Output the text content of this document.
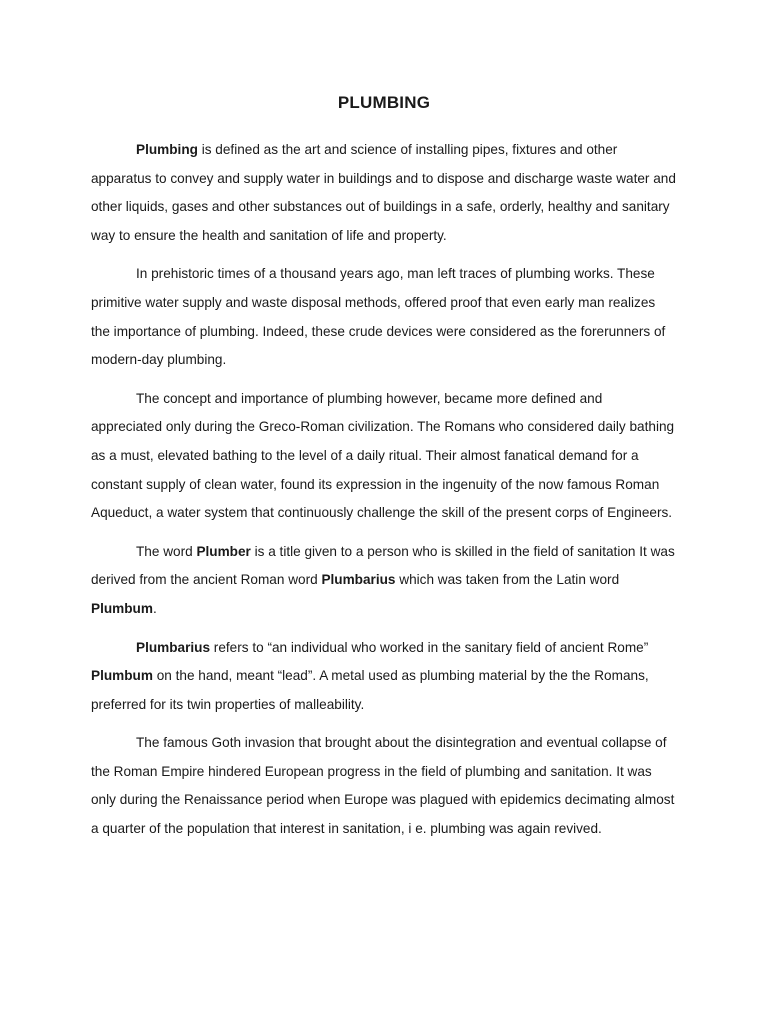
PLUMBING

Plumbing is defined as the art and science of installing pipes, fixtures and other apparatus to convey and supply water in buildings and to dispose and discharge waste water and other liquids, gases and other substances out of buildings in a safe, orderly, healthy and sanitary way to ensure the health and sanitation of life and property.

In prehistoric times of a thousand years ago, man left traces of plumbing works. These primitive water supply and waste disposal methods, offered proof that even early man realizes the importance of plumbing. Indeed, these crude devices were considered as the forerunners of modern-day plumbing.

The concept and importance of plumbing however, became more defined and appreciated only during the Greco-Roman civilization. The Romans who considered daily bathing as a must, elevated bathing to the level of a daily ritual. Their almost fanatical demand for a constant supply of clean water, found its expression in the ingenuity of the now famous Roman Aqueduct, a water system that continuously challenge the skill of the present corps of Engineers.

The word Plumber is a title given to a person who is skilled in the field of sanitation It was derived from the ancient Roman word Plumbarius which was taken from the Latin word Plumbum.

Plumbarius refers to “an individual who worked in the sanitary field of ancient Rome” Plumbum on the hand, meant “lead”. A metal used as plumbing material by the the Romans, preferred for its twin properties of malleability.

The famous Goth invasion that brought about the disintegration and eventual collapse of the Roman Empire hindered European progress in the field of plumbing and sanitation. It was only during the Renaissance period when Europe was plagued with epidemics decimating almost a quarter of the population that interest in sanitation, i e. plumbing was again revived.
